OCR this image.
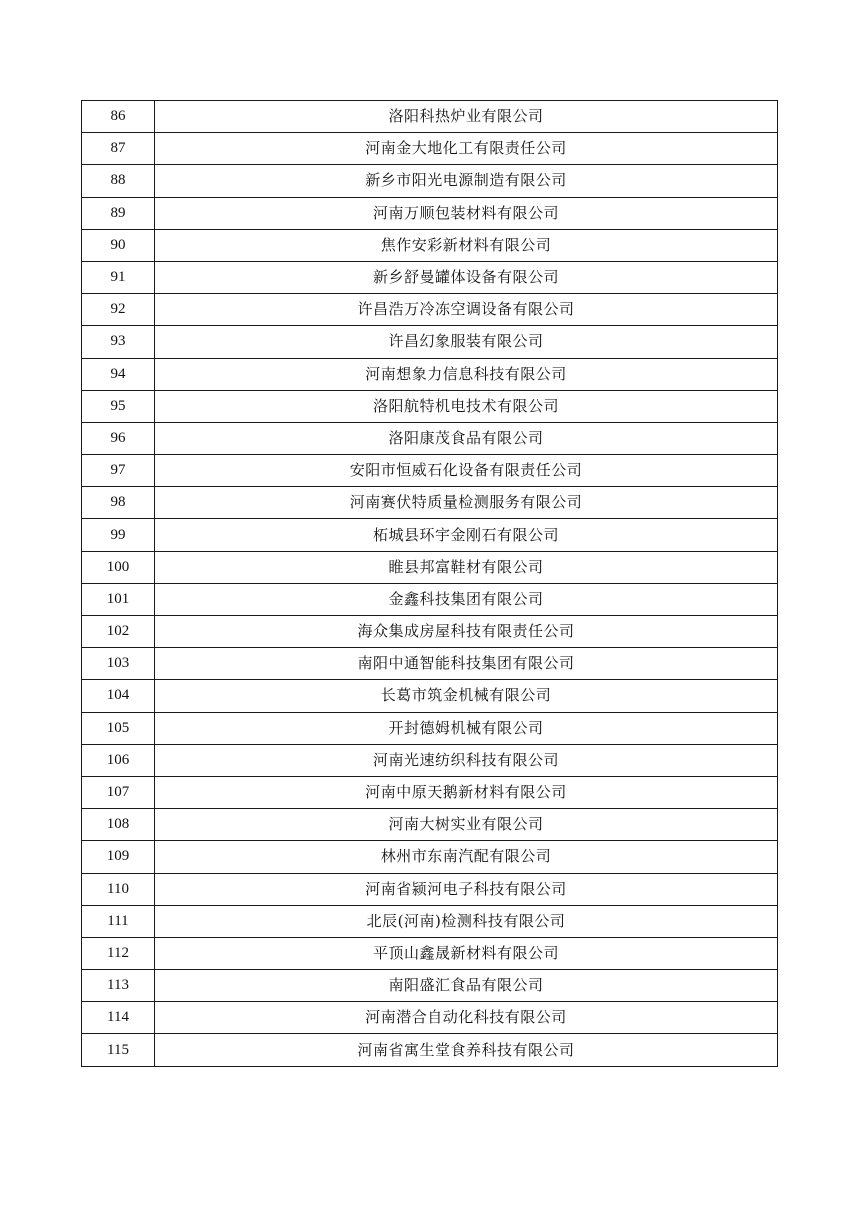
86	洛阳科热炉业有限公司
87	河南金大地化工有限责任公司
88	新乡市阳光电源制造有限公司
89	河南万顺包装材料有限公司
90	焦作安彩新材料有限公司
91	新乡舒曼罐体设备有限公司
92	许昌浩万冷冻空调设备有限公司
93	许昌幻象服装有限公司
94	河南想象力信息科技有限公司
95	洛阳航特机电技术有限公司
96	洛阳康茂食品有限公司
97	安阳市恒威石化设备有限责任公司
98	河南赛伏特质量检测服务有限公司
99	柘城县环宇金刚石有限公司
100	睢县邦富鞋材有限公司
101	金鑫科技集团有限公司
102	海众集成房屋科技有限责任公司
103	南阳中通智能科技集团有限公司
104	长葛市筑金机械有限公司
105	开封德姆机械有限公司
106	河南光速纺织科技有限公司
107	河南中原天鹅新材料有限公司
108	河南大树实业有限公司
109	林州市东南汽配有限公司
110	河南省颍河电子科技有限公司
111	北辰(河南)检测科技有限公司
112	平顶山鑫晟新材料有限公司
113	南阳盛汇食品有限公司
114	河南潜合自动化科技有限公司
115	河南省寓生堂食养科技有限公司
